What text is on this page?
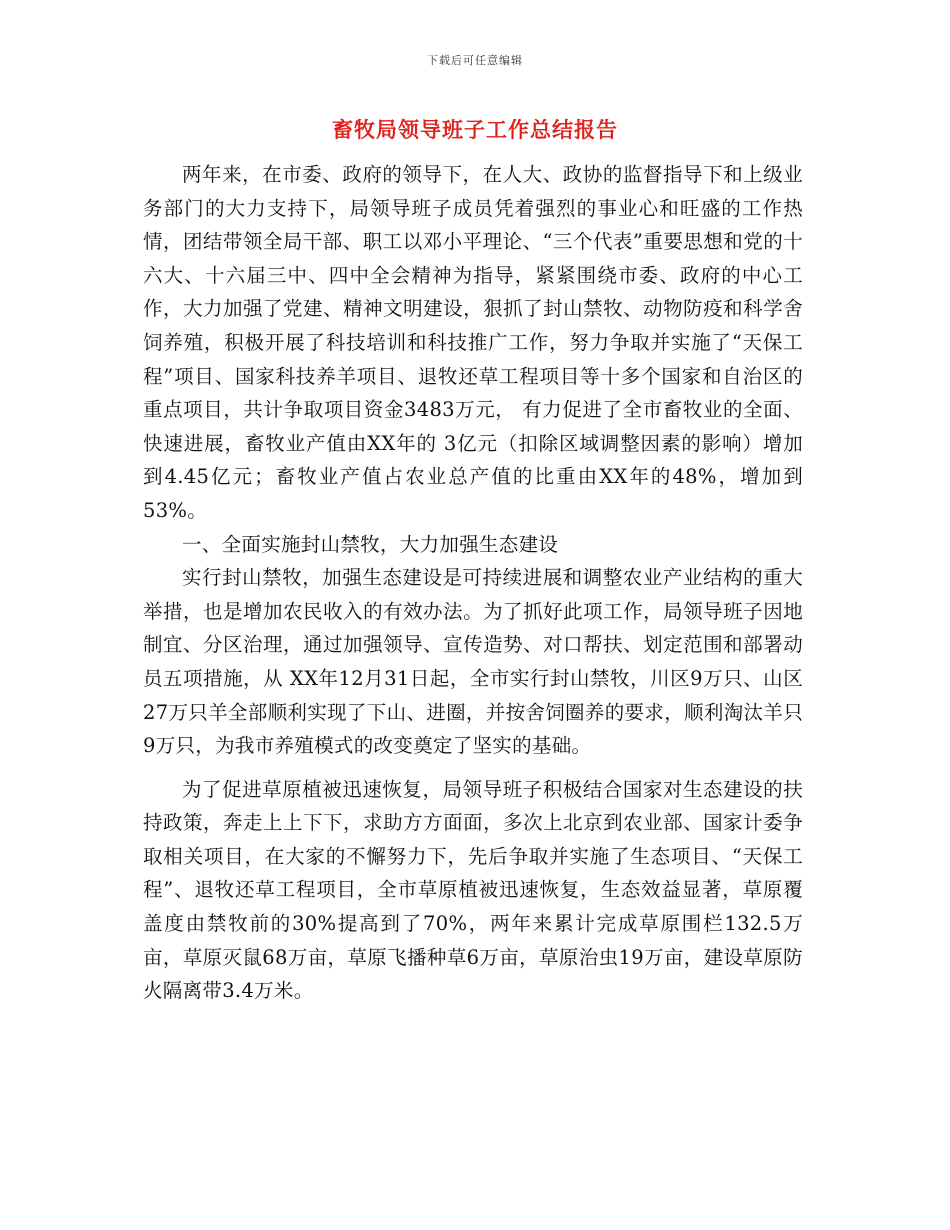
下载后可任意编辑
畜牧局领导班子工作总结报告

两年来，在市委、政府的领导下，在人大、政协的监督指导下和上级业务部门的大力支持下，局领导班子成员凭着强烈的事业心和旺盛的工作热情，团结带领全局干部、职工以邓小平理论、“三个代表”重要思想和党的十六大、十六届三中、四中全会精神为指导，紧紧围绕市委、政府的中心工作，大力加强了党建、精神文明建设，狠抓了封山禁牧、动物防疫和科学舍饲养殖，积极开展了科技培训和科技推广工作，努力争取并实施了“天保工程”项目、国家科技养羊项目、退牧还草工程项目等十多个国家和自治区的重点项目，共计争取项目资金3483万元， 有力促进了全市畜牧业的全面、快速进展，畜牧业产值由XX年的 3亿元（扣除区域调整因素的影响）增加到4.45亿元；畜牧业产值占农业总产值的比重由XX年的48%，增加到53%。

一、全面实施封山禁牧，大力加强生态建设

实行封山禁牧，加强生态建设是可持续进展和调整农业产业结构的重大举措，也是增加农民收入的有效办法。为了抓好此项工作，局领导班子因地制宜、分区治理，通过加强领导、宣传造势、对口帮扶、划定范围和部署动员五项措施，从 XX年12月31日起，全市实行封山禁牧，川区9万只、山区27万只羊全部顺利实现了下山、进圈，并按舍饲圈养的要求，顺利淘汰羊只9万只，为我市养殖模式的改变奠定了坚实的基础。

为了促进草原植被迅速恢复，局领导班子积极结合国家对生态建设的扶持政策，奔走上上下下，求助方方面面，多次上北京到农业部、国家计委争取相关项目，在大家的不懈努力下，先后争取并实施了生态项目、“天保工程”、退牧还草工程项目，全市草原植被迅速恢复，生态效益显著，草原覆盖度由禁牧前的30%提高到了70%，两年来累计完成草原围栏132.5万亩，草原灭鼠68万亩，草原飞播种草6万亩，草原治虫19万亩，建设草原防火隔离带3.4万米。
